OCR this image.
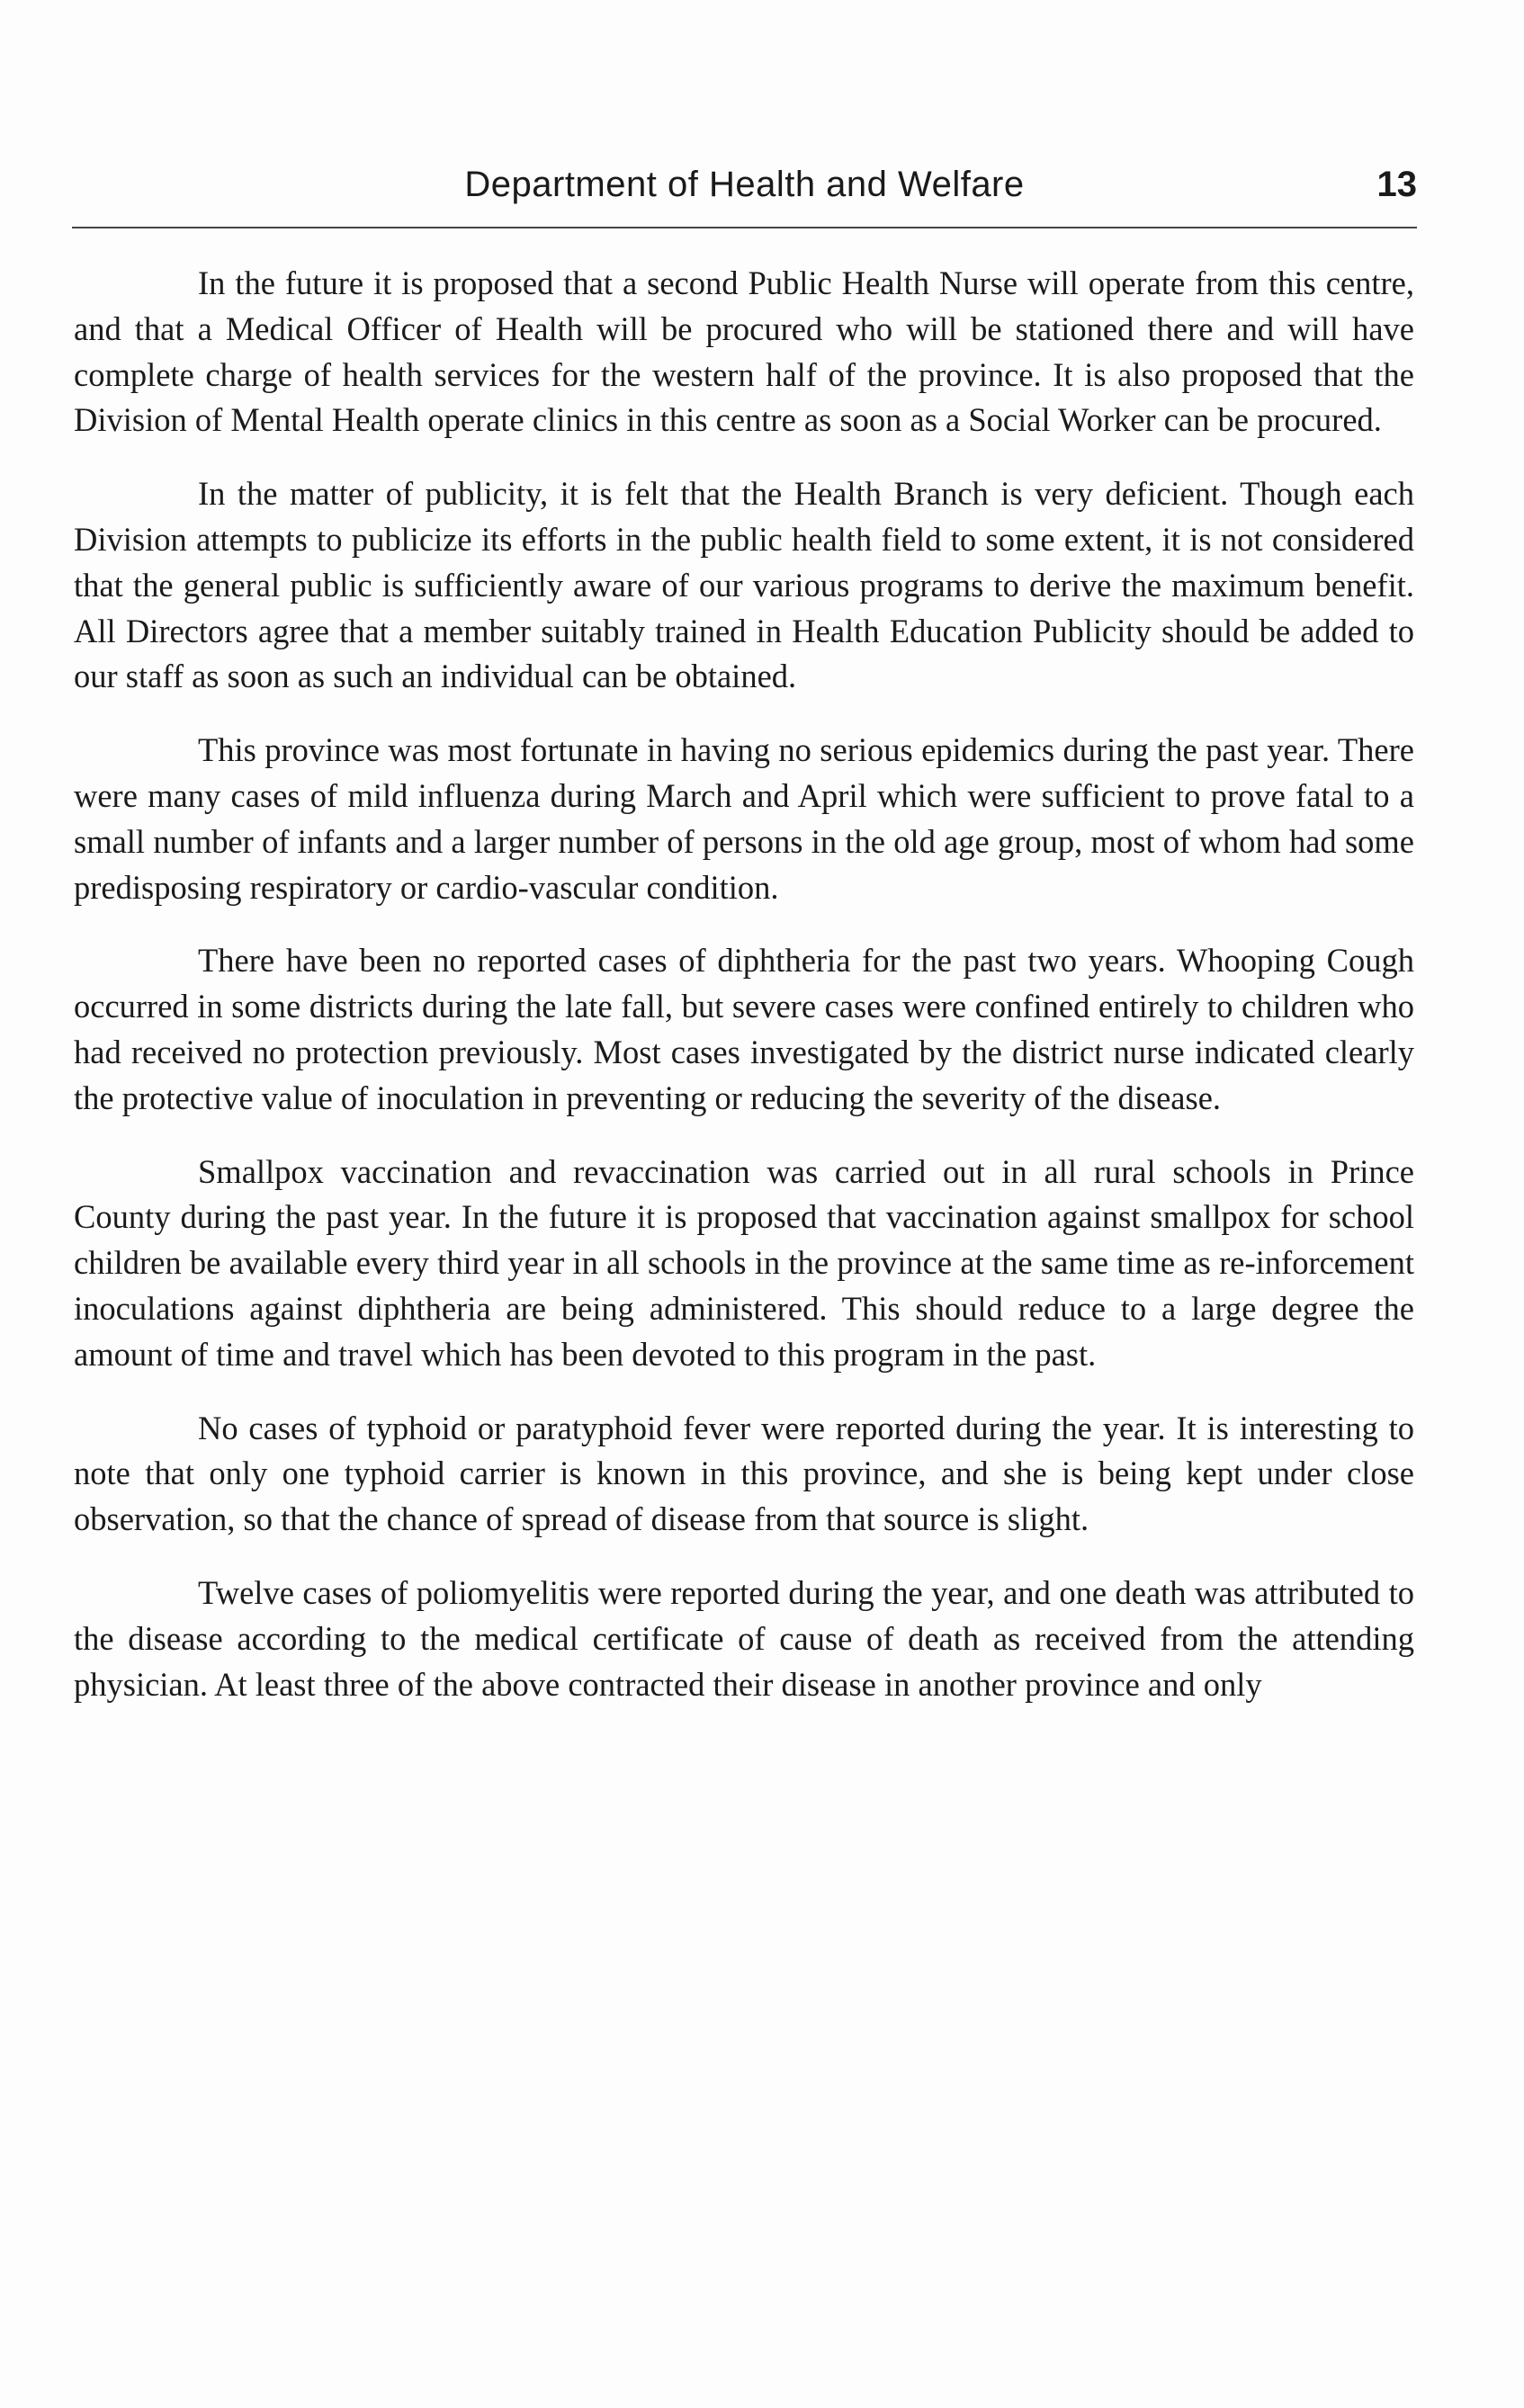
Department of Health and Welfare	13

In the future it is proposed that a second Public Health Nurse will operate from this centre, and that a Medical Officer of Health will be procured who will be stationed there and will have complete charge of health services for the western half of the province. It is also proposed that the Division of Mental Health operate clinics in this centre as soon as a Social Worker can be procured.

In the matter of publicity, it is felt that the Health Branch is very deficient. Though each Division attempts to publicize its efforts in the public health field to some extent, it is not considered that the general public is sufficiently aware of our various programs to derive the maximum benefit. All Directors agree that a member suitably trained in Health Education Publicity should be added to our staff as soon as such an individual can be obtained.

This province was most fortunate in having no serious epidemics during the past year. There were many cases of mild influenza during March and April which were sufficient to prove fatal to a small number of infants and a larger number of persons in the old age group, most of whom had some predisposing respiratory or cardio-vascular condition.

There have been no reported cases of diphtheria for the past two years. Whooping Cough occurred in some districts during the late fall, but severe cases were confined entirely to children who had received no protection previously. Most cases investigated by the district nurse indicated clearly the protective value of inoculation in preventing or reducing the severity of the disease.

Smallpox vaccination and revaccination was carried out in all rural schools in Prince County during the past year. In the future it is proposed that vaccination against smallpox for school children be available every third year in all schools in the province at the same time as re-inforcement inoculations against diphtheria are being administered. This should reduce to a large degree the amount of time and travel which has been devoted to this program in the past.

No cases of typhoid or paratyphoid fever were reported during the year. It is interesting to note that only one typhoid carrier is known in this province, and she is being kept under close observation, so that the chance of spread of disease from that source is slight.

Twelve cases of poliomyelitis were reported during the year, and one death was attributed to the disease according to the medical certificate of cause of death as received from the attending physician. At least three of the above contracted their disease in another province and only
